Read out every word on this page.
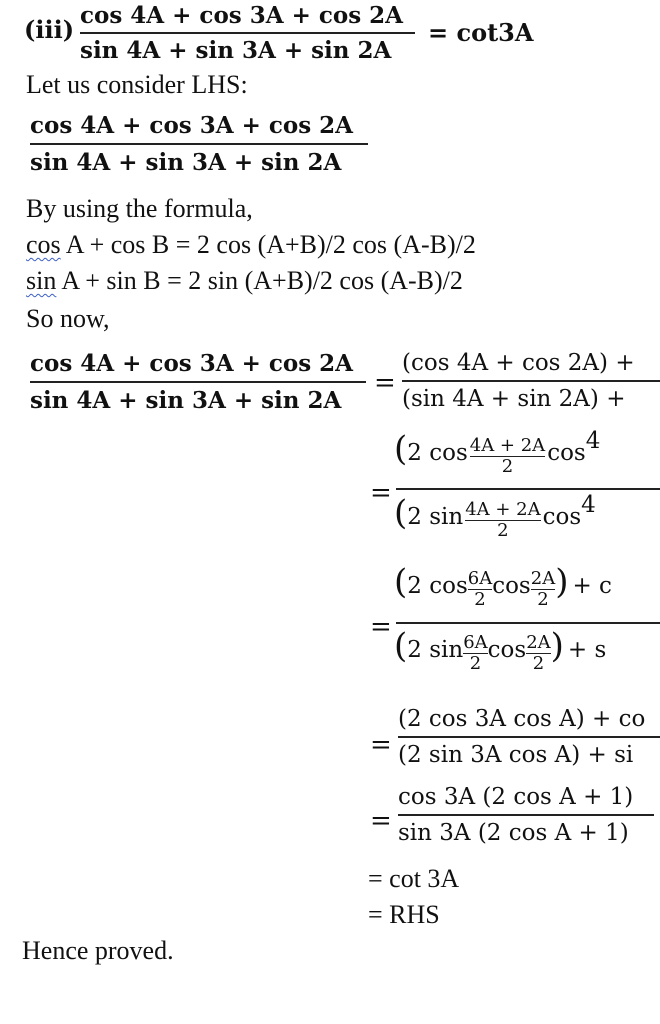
(iii) cos 4A + cos 3A + cos 2A
sin 4A + sin 3A + sin 2A
= cot3A
Let us consider LHS:
cos 4A + cos 3A + cos 2A
sin 4A + sin 3A + sin 2A
By using the formula,
cos A + cos B = 2 cos (A+B)/2 cos (A-B)/2
sin A + sin B = 2 sin (A+B)/2 cos (A-B)/2
So now,
cos 4A + cos 3A + cos 2A
sin 4A + sin 3A + sin 2A
=
(cos 4A + cos 2A) +
(sin 4A + sin 2A) +
=
(2 $\cos \frac{4A + 2A}{2} \cos 4$
(2 $\sin \frac{4A + 2A}{2} \cos 4$
=
(2 $\cos \frac{6A}{2}$ $\cos \frac{2A}{2}$ ) + c
(2 $\sin \frac{6A}{2}$ $\cos \frac{2A}{2}$ ) + s
=
(2 cos 3A cos A) + co
(2 sin 3A cos A) + si
=
cos 3A (2 cos A + 1)
sin 3A (2 cos A + 1)
= cot 3A
= RHS
Hence proved.
